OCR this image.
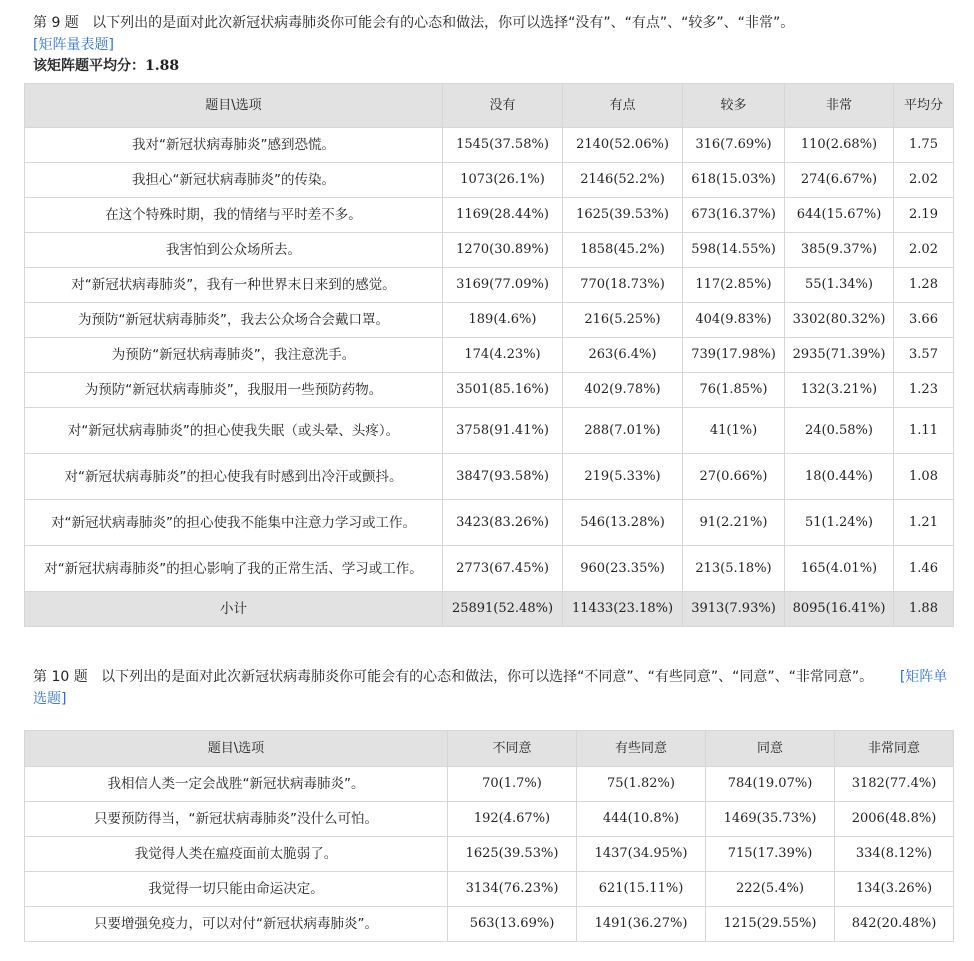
第 9 题 以下列出的是面对此次新冠状病毒肺炎你可能会有的心态和做法，你可以选择“没有”、“有点”、“较多”、“非常”。
[矩阵量表题]
该矩阵题平均分：1.88
题目\选项	没有	有点	较多	非常	平均分
我对“新冠状病毒肺炎”感到恐慌。	1545(37.58%)	2140(52.06%)	316(7.69%)	110(2.68%)	1.75
我担心“新冠状病毒肺炎”的传染。	1073(26.1%)	2146(52.2%)	618(15.03%)	274(6.67%)	2.02
在这个特殊时期，我的情绪与平时差不多。	1169(28.44%)	1625(39.53%)	673(16.37%)	644(15.67%)	2.19
我害怕到公众场所去。	1270(30.89%)	1858(45.2%)	598(14.55%)	385(9.37%)	2.02
对“新冠状病毒肺炎”，我有一种世界末日来到的感觉。	3169(77.09%)	770(18.73%)	117(2.85%)	55(1.34%)	1.28
为预防“新冠状病毒肺炎”，我去公众场合会戴口罩。	189(4.6%)	216(5.25%)	404(9.83%)	3302(80.32%)	3.66
为预防“新冠状病毒肺炎”，我注意洗手。	174(4.23%)	263(6.4%)	739(17.98%)	2935(71.39%)	3.57
为预防“新冠状病毒肺炎”，我服用一些预防药物。	3501(85.16%)	402(9.78%)	76(1.85%)	132(3.21%)	1.23
对“新冠状病毒肺炎”的担心使我失眠（或头晕、头疼）。	3758(91.41%)	288(7.01%)	41(1%)	24(0.58%)	1.11
对“新冠状病毒肺炎”的担心使我有时感到出冷汗或颤抖。	3847(93.58%)	219(5.33%)	27(0.66%)	18(0.44%)	1.08
对“新冠状病毒肺炎”的担心使我不能集中注意力学习或工作。	3423(83.26%)	546(13.28%)	91(2.21%)	51(1.24%)	1.21
对“新冠状病毒肺炎”的担心影响了我的正常生活、学习或工作。	2773(67.45%)	960(23.35%)	213(5.18%)	165(4.01%)	1.46
小计	25891(52.48%)	11433(23.18%)	3913(7.93%)	8095(16.41%)	1.88
第 10 题 以下列出的是面对此次新冠状病毒肺炎你可能会有的心态和做法，你可以选择“不同意”、“有些同意”、“同意”、“非常同意”。 [矩阵单选题]
题目\选项	不同意	有些同意	同意	非常同意
我相信人类一定会战胜“新冠状病毒肺炎”。	70(1.7%)	75(1.82%)	784(19.07%)	3182(77.4%)
只要预防得当，“新冠状病毒肺炎”没什么可怕。	192(4.67%)	444(10.8%)	1469(35.73%)	2006(48.8%)
我觉得人类在瘟疫面前太脆弱了。	1625(39.53%)	1437(34.95%)	715(17.39%)	334(8.12%)
我觉得一切只能由命运决定。	3134(76.23%)	621(15.11%)	222(5.4%)	134(3.26%)
只要增强免疫力，可以对付“新冠状病毒肺炎”。	563(13.69%)	1491(36.27%)	1215(29.55%)	842(20.48%)
